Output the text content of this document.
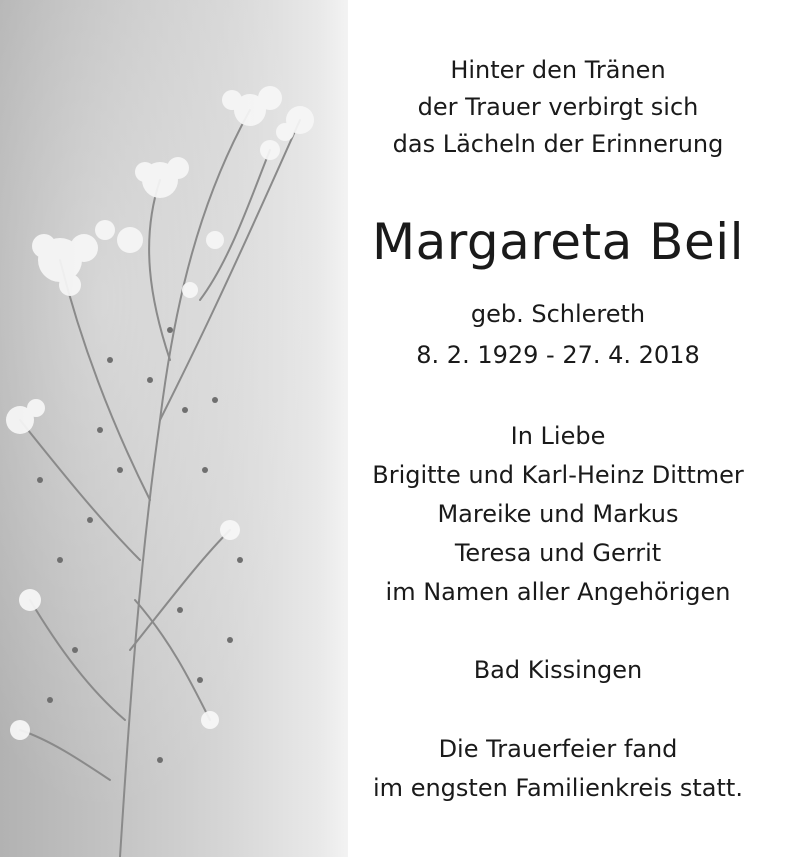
Hinter den Tränen
der Trauer verbirgt sich
das Lächeln der Erinnerung
Margareta Beil
geb. Schlereth
8. 2. 1929 - 27. 4. 2018
In Liebe
Brigitte und Karl-Heinz Dittmer
Mareike und Markus
Teresa und Gerrit
im Namen aller Angehörigen
Bad Kissingen
Die Trauerfeier fand
im engsten Familienkreis statt.
